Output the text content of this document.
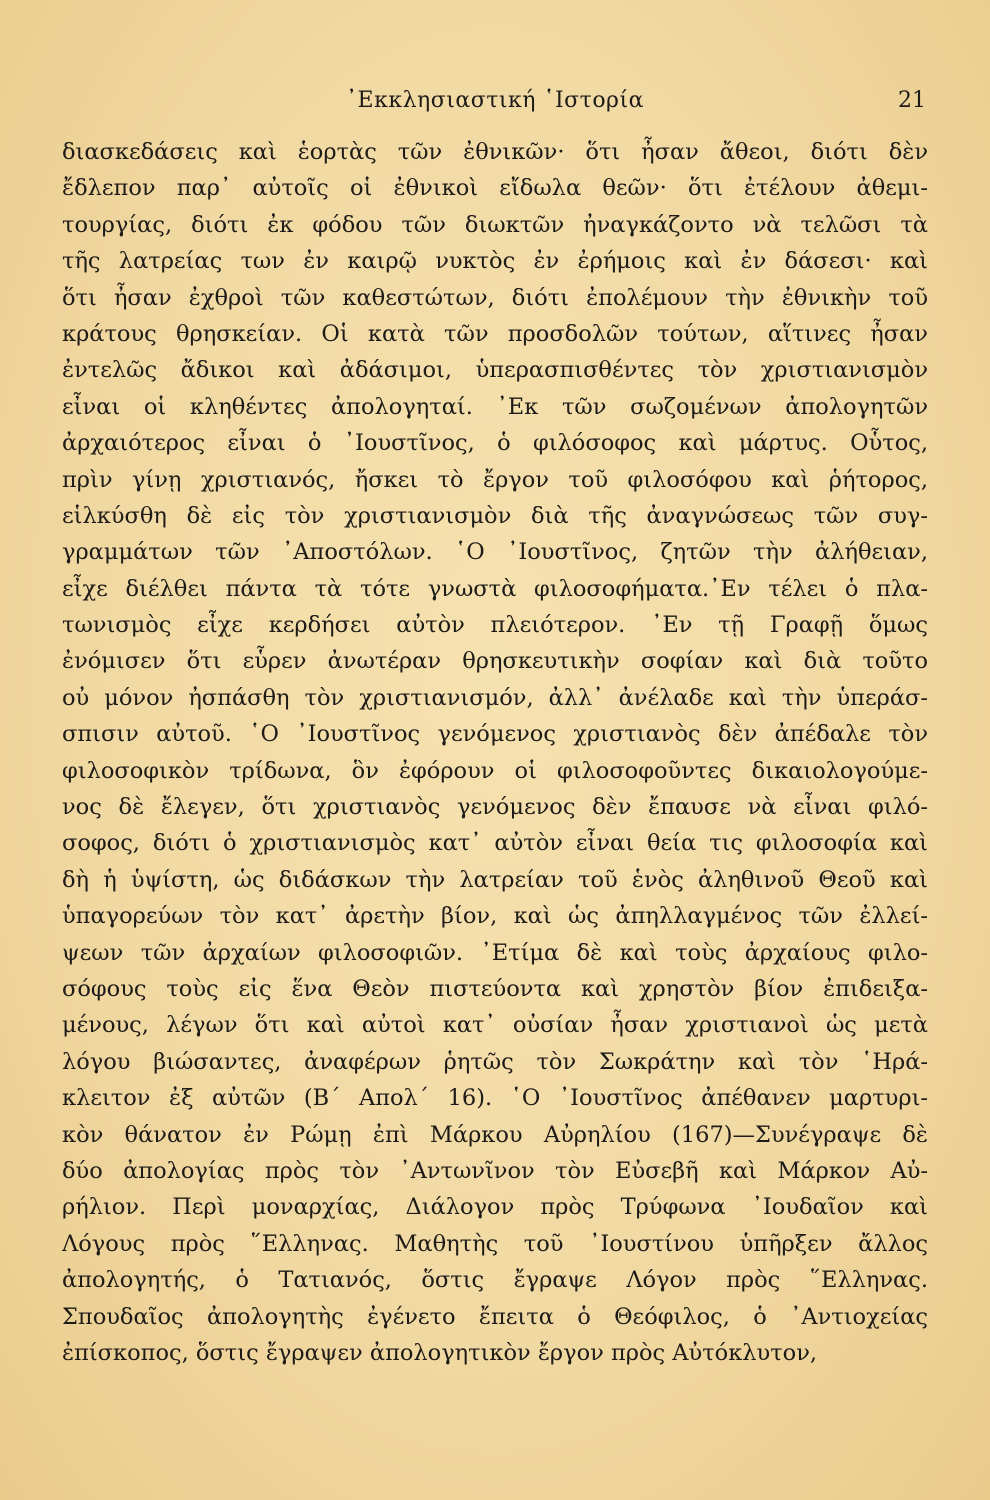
᾿Εκκλησιαστική ῾Ιστορία	21
διασκεδάσεις καὶ ἑορτὰς τῶν ἐθνικῶν· ὅτι ἦσαν ἄθεοι, διότι δὲν
ἔδλεπον παρ᾿ αὐτοῖς οἱ ἐθνικοὶ εἴδωλα θεῶν· ὅτι ἐτέλουν ἀθεμι-
τουργίας, διότι ἐκ φόδου τῶν διωκτῶν ἠναγκάζοντο νὰ τελῶσι τὰ
τῆς λατρείας των ἐν καιρῷ νυκτὸς ἐν ἐρήμοις καὶ ἐν δάσεσι· καὶ
ὅτι ἦσαν ἐχθροὶ τῶν καθεστώτων, διότι ἐπολέμουν τὴν ἐθνικὴν τοῦ
κράτους θρησκείαν. Οἱ κατὰ τῶν προσδολῶν τούτων, αἵτινες ἦσαν
ἐντελῶς ἄδικοι καὶ ἀδάσιμοι, ὑπερασπισθέντες τὸν χριστιανισμὸν
εἶναι οἱ κληθέντες ἀπολογηταί. ᾿Εκ τῶν σωζομένων ἀπολογητῶν
ἀρχαιότερος εἶναι ὁ ᾿Ιουστῖνος, ὁ φιλόσοφος καὶ μάρτυς. Οὗτος,
πρὶν γίνῃ χριστιανός, ἤσκει τὸ ἔργον τοῦ φιλοσόφου καὶ ῥήτορος,
εἱλκύσθη δὲ εἰς τὸν χριστιανισμὸν διὰ τῆς ἀναγνώσεως τῶν συγ-
γραμμάτων τῶν ᾿Αποστόλων. ῾Ο ᾿Ιουστῖνος, ζητῶν τὴν ἀλήθειαν,
εἶχε διέλθει πάντα τὰ τότε γνωστὰ φιλοσοφήματα.᾿Εν τέλει ὁ πλα-
τωνισμὸς εἶχε κερδήσει αὐτὸν πλειότερον. ᾿Εν τῇ Γραφῇ ὅμως
ἐνόμισεν ὅτι εὗρεν ἀνωτέραν θρησκευτικὴν σοφίαν καὶ διὰ τοῦτο
οὐ μόνον ἠσπάσθη τὸν χριστιανισμόν, ἀλλ᾿ ἀνέλαδε καὶ τὴν ὑπεράσ-
σπισιν αὐτοῦ. ῾Ο ᾿Ιουστῖνος γενόμενος χριστιανὸς δὲν ἀπέδαλε τὸν
φιλοσοφικὸν τρίδωνα, ὃν ἐφόρουν οἱ φιλοσοφοῦντες δικαιολογούμε-
νος δὲ ἔλεγεν, ὅτι χριστιανὸς γενόμενος δὲν ἔπαυσε νὰ εἶναι φιλό-
σοφος, διότι ὁ χριστιανισμὸς κατ᾿ αὐτὸν εἶναι θεία τις φιλοσοφία καὶ
δὴ ἡ ὑψίστη, ὡς διδάσκων τὴν λατρείαν τοῦ ἑνὸς ἀληθινοῦ Θεοῦ καὶ
ὑπαγορεύων τὸν κατ᾿ ἀρετὴν βίον, καὶ ὡς ἀπηλλαγμένος τῶν ἐλλεί-
ψεων τῶν ἀρχαίων φιλοσοφιῶν. ᾿Ετίμα δὲ καὶ τοὺς ἀρχαίους φιλο-
σόφους τοὺς εἰς ἕνα Θεὸν πιστεύοντα καὶ χρηστὸν βίον ἐπιδειξα-
μένους, λέγων ὅτι καὶ αὐτοὶ κατ᾿ οὐσίαν ἦσαν χριστιανοὶ ὡς μετὰ
λόγου βιώσαντες, ἀναφέρων ῥητῶς τὸν Σωκράτην καὶ τὸν ῾Ηρά-
κλειτον ἐξ αὐτῶν (Β´ Απολ´ 16). ῾Ο ᾿Ιουστῖνος ἀπέθανεν μαρτυρι-
κὸν θάνατον ἐν Ρώμῃ ἐπὶ Μάρκου Αὐρηλίου (167)—Συνέγραψε δὲ
δύο ἀπολογίας πρὸς τὸν ᾿Αντωνῖνον τὸν Εὐσεβῆ καὶ Μάρκον Αὐ-
ρήλιον. Περὶ μοναρχίας, Διάλογον πρὸς Τρύφωνα ᾿Ιουδαῖον καὶ
Λόγους πρὸς ῞Ελληνας. Μαθητὴς τοῦ ᾿Ιουστίνου ὑπῆρξεν ἄλλος
ἀπολογητής, ὁ Τατιανός, ὅστις ἔγραψε Λόγον πρὸς ῞Ελληνας.
Σπουδαῖος ἀπολογητὴς ἐγένετο ἔπειτα ὁ Θεόφιλος, ὁ ᾿Αντιοχείας
ἐπίσκοπος, ὅστις ἔγραψεν ἀπολογητικὸν ἔργον πρὸς Αὐτόκλυτον,
